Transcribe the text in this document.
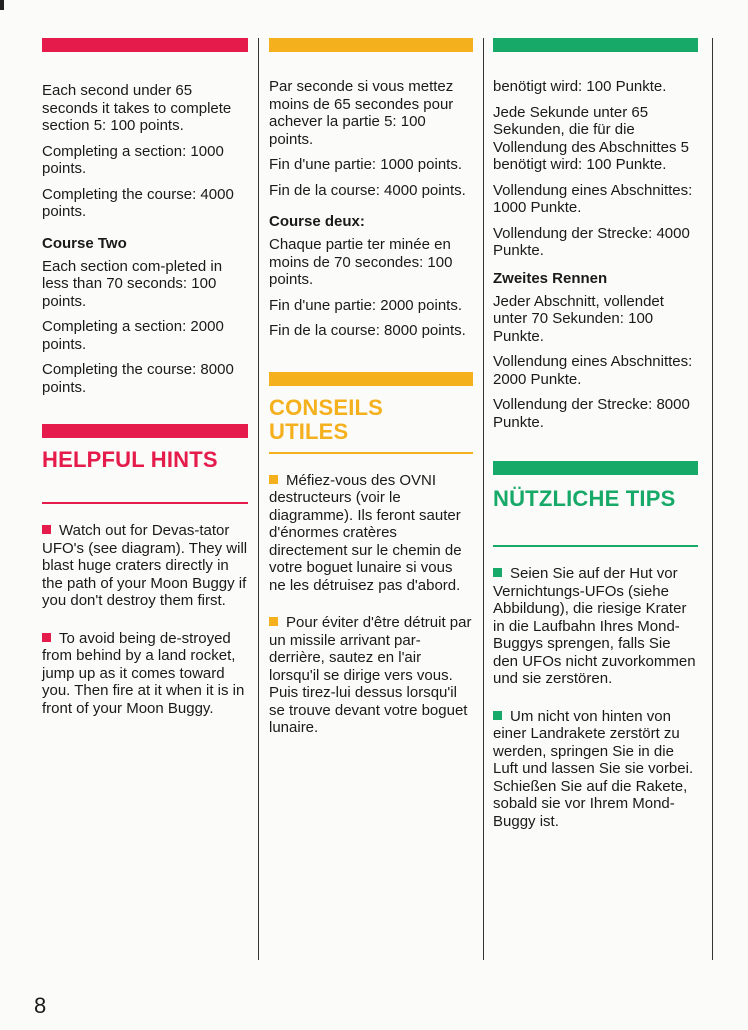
Each second under 65 seconds it takes to complete section 5: 100 points.

Completing a section: 1000 points.

Completing the course: 4000 points.

Course Two

Each section com-pleted in less than 70 seconds: 100 points.

Completing a section: 2000 points.

Completing the course: 8000 points.

HELPFUL HINTS

Watch out for Devas-tator UFO's (see diagram). They will blast huge craters directly in the path of your Moon Buggy if you don't destroy them first.

To avoid being de-stroyed from behind by a land rocket, jump up as it comes toward you. Then fire at it when it is in front of your Moon Buggy.

Par seconde si vous mettez moins de 65 secondes pour achever la partie 5: 100 points.

Fin d'une partie: 1000 points.

Fin de la course: 4000 points.

Course deux:

Chaque partie ter minée en moins de 70 secondes: 100 points.

Fin d'une partie: 2000 points.

Fin de la course: 8000 points.

CONSEILS
UTILES

Méfiez-vous des OVNI destructeurs (voir le diagramme). Ils feront sauter d'énormes cratères directement sur le chemin de votre boguet lunaire si vous ne les détruisez pas d'abord.

Pour éviter d'être détruit par un missile arrivant par-derrière, sautez en l'air lorsqu'il se dirige vers vous. Puis tirez-lui dessus lorsqu'il se trouve devant votre boguet lunaire.

benötigt wird: 100 Punkte.

Jede Sekunde unter 65 Sekunden, die für die Vollendung des Abschnittes 5 benötigt wird: 100 Punkte.

Vollendung eines Abschnittes: 1000 Punkte.

Vollendung der Strecke: 4000 Punkte.

Zweites Rennen

Jeder Abschnitt, vollendet unter 70 Sekunden: 100 Punkte.

Vollendung eines Abschnittes: 2000 Punkte.

Vollendung der Strecke: 8000 Punkte.

NÜTZLICHE TIPS

Seien Sie auf der Hut vor Vernichtungs-UFOs (siehe Abbildung), die riesige Krater in die Laufbahn Ihres Mond-Buggys sprengen, falls Sie den UFOs nicht zuvorkommen und sie zerstören.

Um nicht von hinten von einer Landrakete zerstört zu werden, springen Sie in die Luft und lassen Sie sie vorbei. Schießen Sie auf die Rakete, sobald sie vor Ihrem Mond-Buggy ist.

8
